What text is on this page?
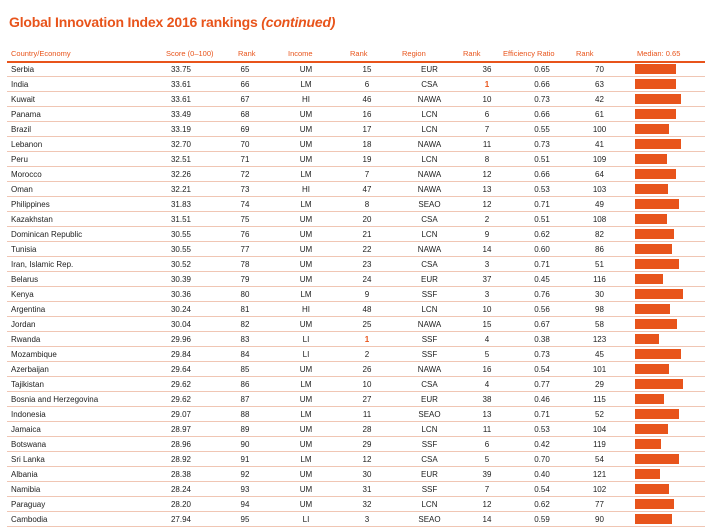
Global Innovation Index 2016 rankings (continued)
Country/Economy	Score (0–100)	Rank	Income	Rank	Region	Rank	Efficiency Ratio	Rank	Median: 0.65
Serbia	33.75	65	UM	15	EUR	36	0.65	70	

India	33.61	66	LM	6	CSA	1	0.66	63	

Kuwait	33.61	67	HI	46	NAWA	10	0.73	42	

Panama	33.49	68	UM	16	LCN	6	0.66	61	

Brazil	33.19	69	UM	17	LCN	7	0.55	100	

Lebanon	32.70	70	UM	18	NAWA	11	0.73	41	

Peru	32.51	71	UM	19	LCN	8	0.51	109	

Morocco	32.26	72	LM	7	NAWA	12	0.66	64	

Oman	32.21	73	HI	47	NAWA	13	0.53	103	

Philippines	31.83	74	LM	8	SEAO	12	0.71	49	

Kazakhstan	31.51	75	UM	20	CSA	2	0.51	108	

Dominican Republic	30.55	76	UM	21	LCN	9	0.62	82	

Tunisia	30.55	77	UM	22	NAWA	14	0.60	86	

Iran, Islamic Rep.	30.52	78	UM	23	CSA	3	0.71	51	

Belarus	30.39	79	UM	24	EUR	37	0.45	116	

Kenya	30.36	80	LM	9	SSF	3	0.76	30	

Argentina	30.24	81	HI	48	LCN	10	0.56	98	

Jordan	30.04	82	UM	25	NAWA	15	0.67	58	

Rwanda	29.96	83	LI	1	SSF	4	0.38	123	

Mozambique	29.84	84	LI	2	SSF	5	0.73	45	

Azerbaijan	29.64	85	UM	26	NAWA	16	0.54	101	

Tajikistan	29.62	86	LM	10	CSA	4	0.77	29	

Bosnia and Herzegovina	29.62	87	UM	27	EUR	38	0.46	115	

Indonesia	29.07	88	LM	11	SEAO	13	0.71	52	

Jamaica	28.97	89	UM	28	LCN	11	0.53	104	

Botswana	28.96	90	UM	29	SSF	6	0.42	119	

Sri Lanka	28.92	91	LM	12	CSA	5	0.70	54	

Albania	28.38	92	UM	30	EUR	39	0.40	121	

Namibia	28.24	93	UM	31	SSF	7	0.54	102	

Paraguay	28.20	94	UM	32	LCN	12	0.62	77	

Cambodia	27.94	95	LI	3	SEAO	14	0.59	90	
